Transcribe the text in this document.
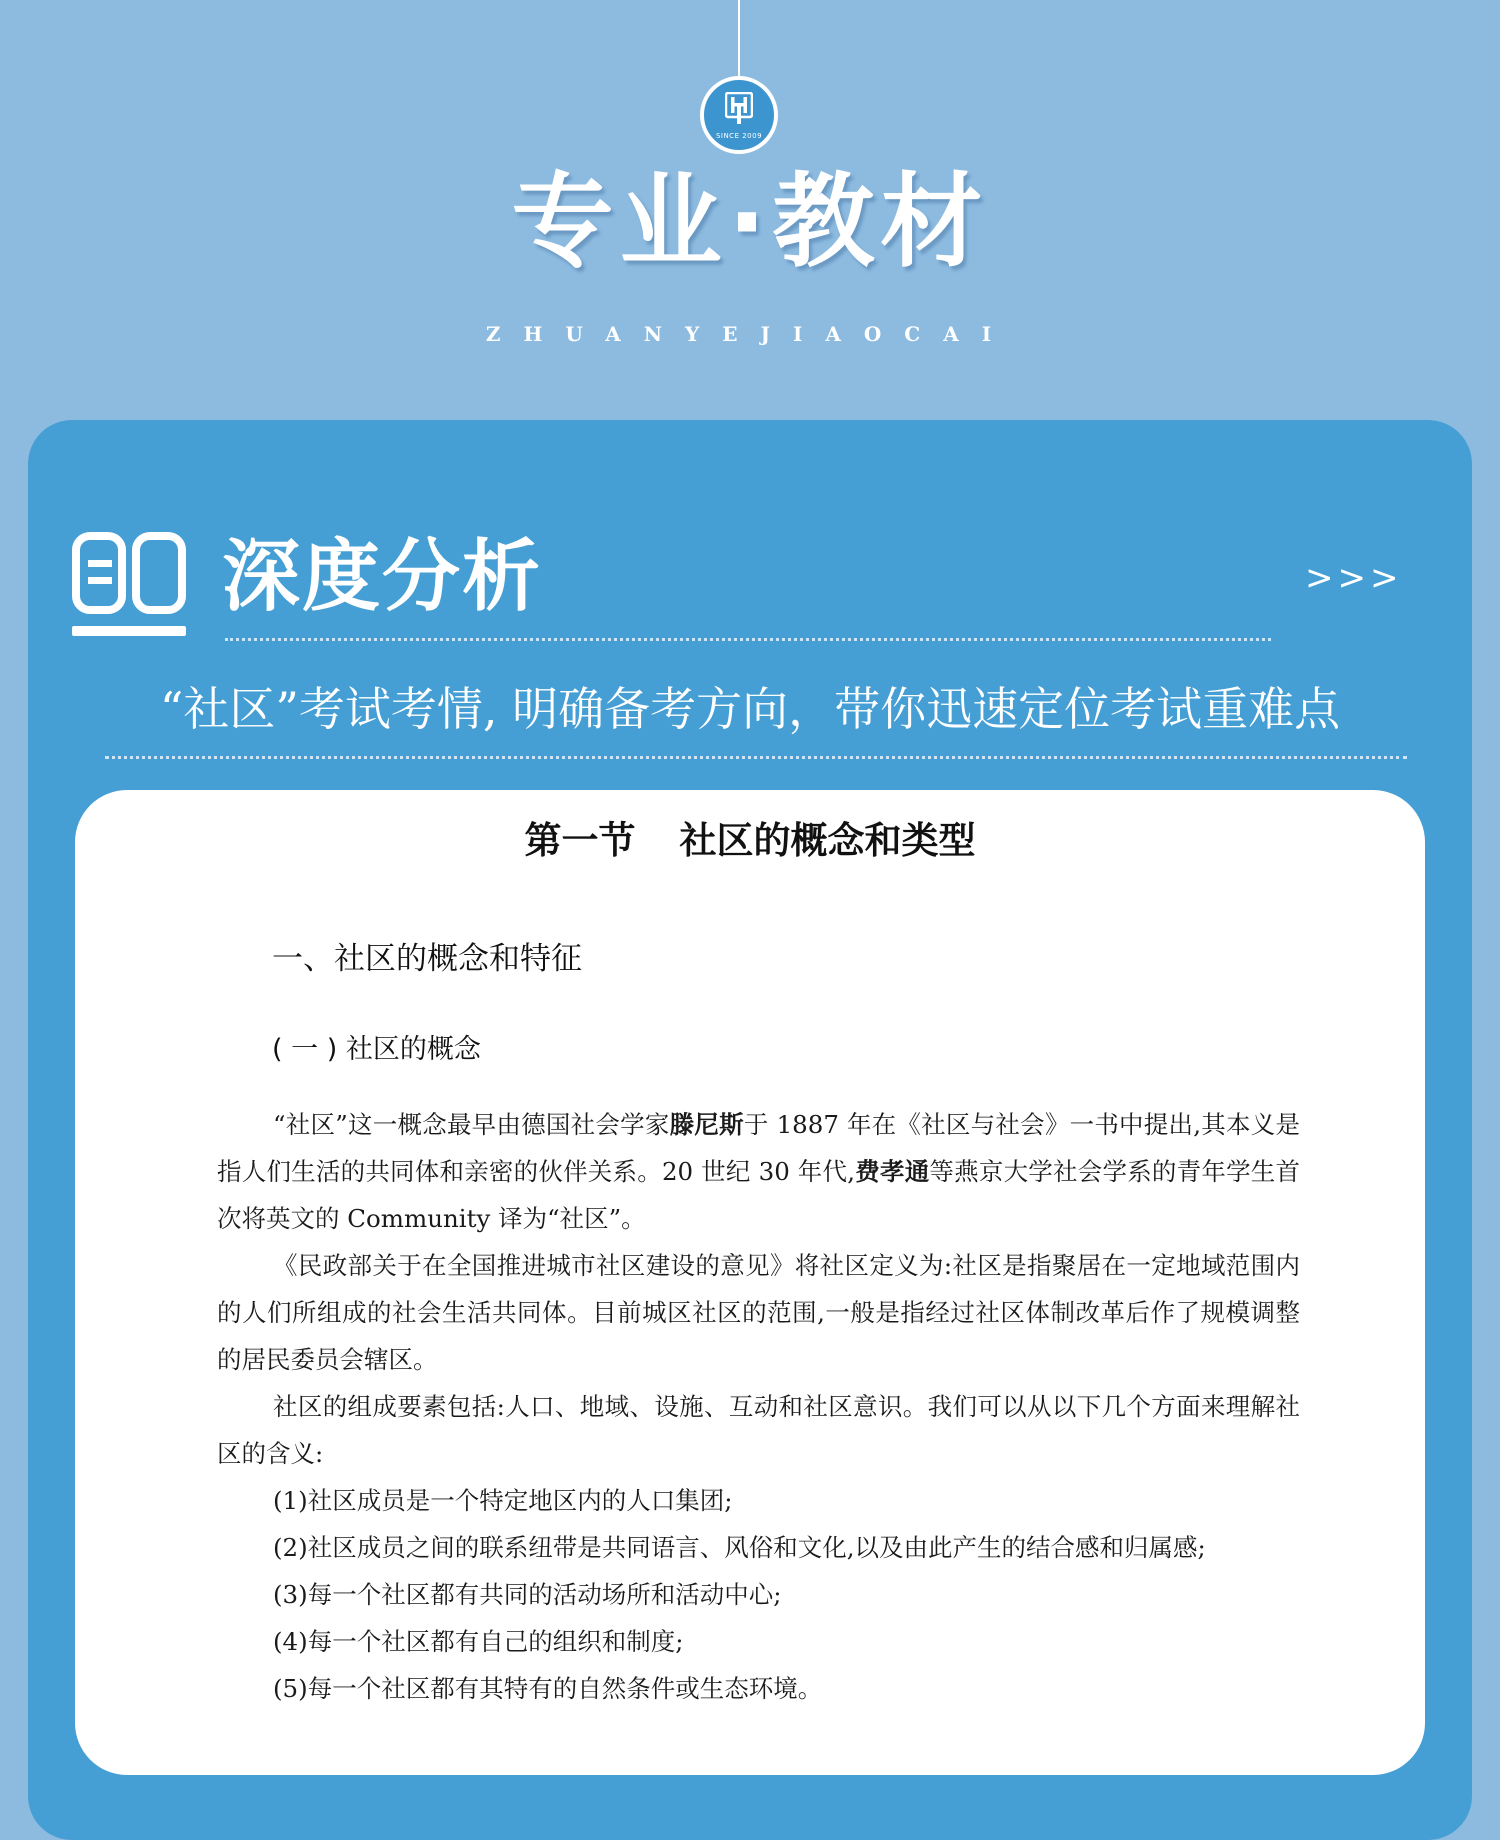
SINCE 2009
专业·教材
ZHUANYEJIAOCAI
深度分析	>>>
“社区”考试考情, 明确备考方向，带你迅速定位考试重难点
第一节 社区的概念和类型
一、社区的概念和特征
( 一 ) 社区的概念

“社区”这一概念最早由德国社会学家滕尼斯于 1887 年在《社区与社会》一书中提出,其本义是指人们生活的共同体和亲密的伙伴关系。20 世纪 30 年代,费孝通等燕京大学社会学系的青年学生首次将英文的 Community 译为“社区”。

《民政部关于在全国推进城市社区建设的意见》将社区定义为:社区是指聚居在一定地域范围内的人们所组成的社会生活共同体。目前城区社区的范围,一般是指经过社区体制改革后作了规模调整的居民委员会辖区。

社区的组成要素包括:人口、地域、设施、互动和社区意识。我们可以从以下几个方面来理解社区的含义:

(1)社区成员是一个特定地区内的人口集团;

(2)社区成员之间的联系纽带是共同语言、风俗和文化,以及由此产生的结合感和归属感;

(3)每一个社区都有共同的活动场所和活动中心;

(4)每一个社区都有自己的组织和制度;

(5)每一个社区都有其特有的自然条件或生态环境。
